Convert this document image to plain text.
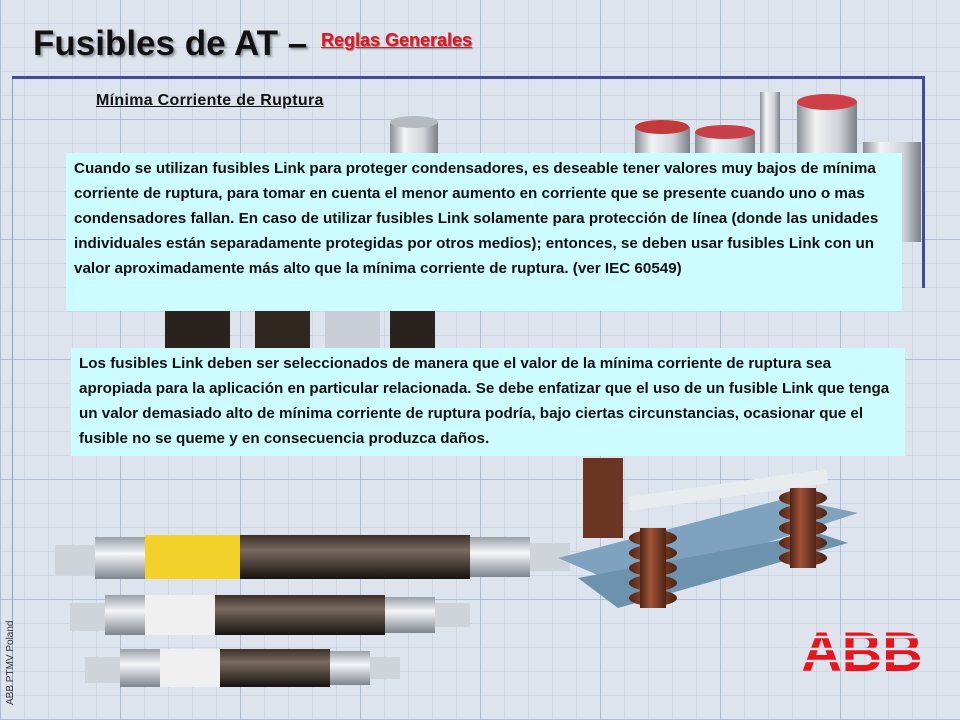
Fusibles de AT – $^{Reglas Generales}$
Mínima Corriente de Ruptura
Cuando se utilizan fusibles Link para proteger condensadores, es deseable tener valores muy bajos de mínima corriente de ruptura, para tomar en cuenta el menor aumento en corriente que se presente cuando uno o mas condensadores fallan. En caso de utilizar fusibles Link solamente para protección de línea (donde las unidades individuales están separadamente protegidas por otros medios); entonces, se deben usar fusibles Link con un valor aproximadamente más alto que la mínima corriente de ruptura. (ver IEC 60549)
Los fusibles Link deben ser seleccionados de manera que el valor de la mínima corriente de ruptura sea apropiada para la aplicación en particular relacionada. Se debe enfatizar que el uso de un fusible Link que tenga un valor demasiado alto de mínima corriente de ruptura podría, bajo ciertas circunstancias, ocasionar que el fusible no se queme y en consecuencia produzca daños.
ABB PTMV Poland	ABB
